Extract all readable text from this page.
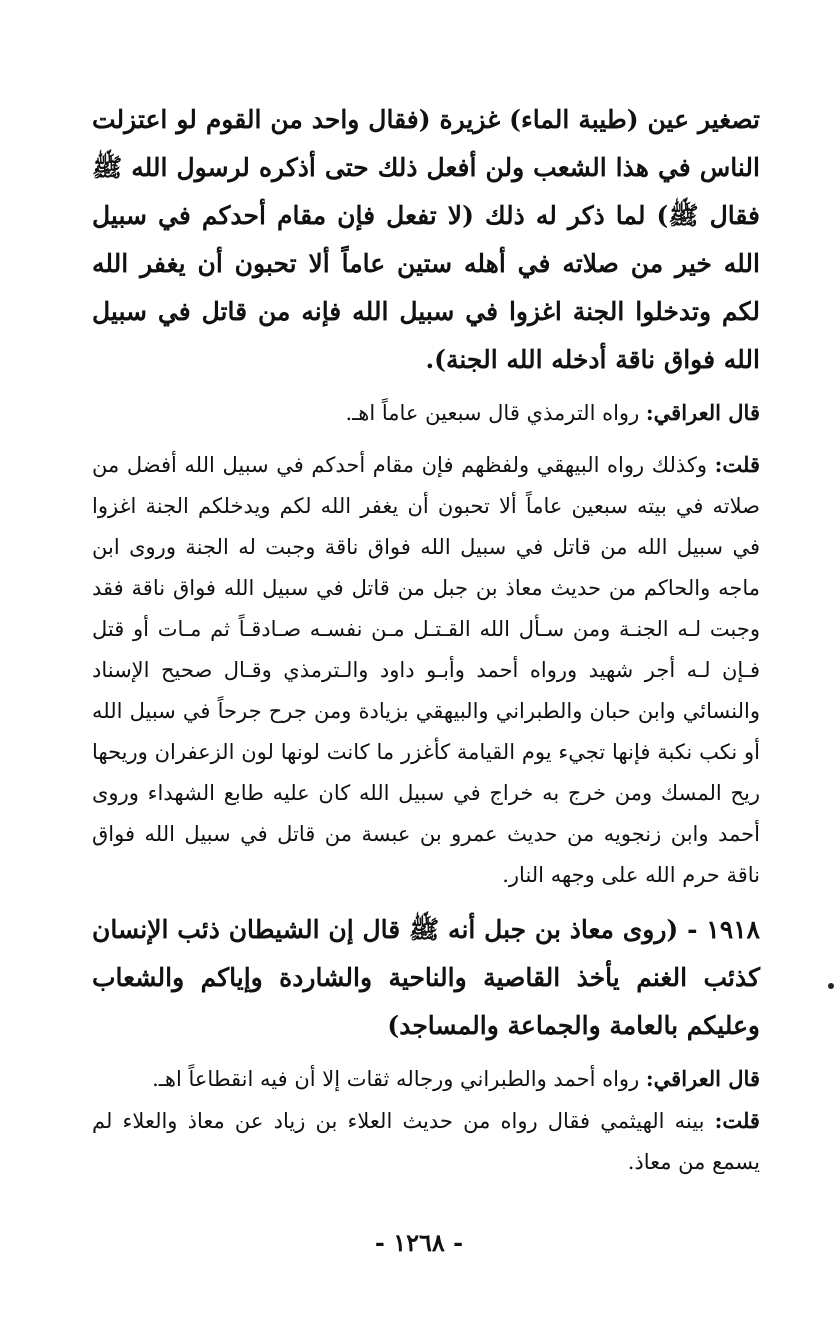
تصغير عين (طيبة الماء) غزيرة (فقال واحد من القوم لو اعتزلت الناس في هذا الشعب ولن أفعل ذلك حتى أذكره لرسول الله ﷺ فقال ﷺ) لما ذكر له ذلك (لا تفعل فإن مقام أحدكم في سبيل الله خير من صلاته في أهله ستين عاماً ألا تحبون أن يغفر الله لكم وتدخلوا الجنة اغزوا في سبيل الله فإنه من قاتل في سبيل الله فواق ناقة أدخله الله الجنة).

قال العراقي: رواه الترمذي قال سبعين عاماً اهـ.

قلت: وكذلك رواه البيهقي ولفظهم فإن مقام أحدكم في سبيل الله أفضل من صلاته في بيته سبعين عاماً ألا تحبون أن يغفر الله لكم ويدخلكم الجنة اغزوا في سبيل الله من قاتل في سبيل الله فواق ناقة وجبت له الجنة وروى ابن ماجه والحاكم من حديث معاذ بن جبل من قاتل في سبيل الله فواق ناقة فقد وجبت لـه الجنـة ومن سـأل الله القـتـل مـن نفسـه صـادقـاً ثم مـات أو قتل فـإن لـه أجر شهيد ورواه أحمد وأبـو داود والـترمذي وقـال صحيح الإسناد والنسائي وابن حبان والطبراني والبيهقي بزيادة ومن جرح جرحاً في سبيل الله أو نكب نكبة فإنها تجيء يوم القيامة كأغزر ما كانت لونها لون الزعفران وريحها ريح المسك ومن خرج به خراج في سبيل الله كان عليه طابع الشهداء وروى أحمد وابن زنجويه من حديث عمرو بن عبسة من قاتل في سبيل الله فواق ناقة حرم الله على وجهه النار.

١٩١٨ - (روى معاذ بن جبل أنه ﷺ قال إن الشيطان ذئب الإنسان كذئب الغنم يأخذ القاصية والناحية والشاردة وإياكم والشعاب وعليكم بالعامة والجماعة والمساجد)

قال العراقي: رواه أحمد والطبراني ورجاله ثقات إلا أن فيه انقطاعاً اهـ.

قلت: بينه الهيثمي فقال رواه من حديث العلاء بن زياد عن معاذ والعلاء لم يسمع من معاذ.

- ١٢٦٨ -
